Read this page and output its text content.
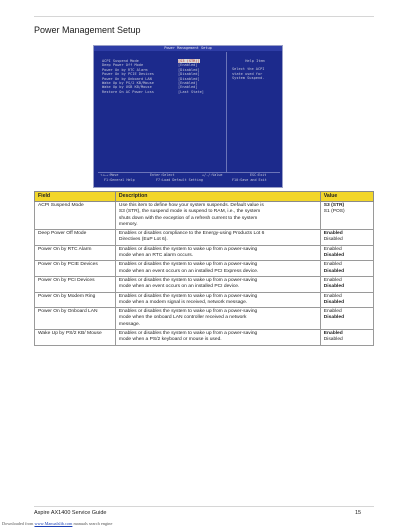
Power Management Setup
Power Management Setup
ACPI Suspend Mode	[S3 (STR)]
Deep Power Off Mode	[Enabled]
Power On by RTC Alarm	[Disabled]
Power On by PCIE Devices	[Disabled]
Power On by Onboard LAN	[Disabled]
Wake Up by PS/2 KB/Mouse	[Enabled]
Wake Up by USB KB/Mouse	[Enabled]
Restore On AC Power Loss	[Last State]
Help Item
Select the ACPI
state used for
System Suspend.
↑↓←→:Move	Enter:Select	+/-/:Value	ESC:Exit
F1:General Help	F7:Load Default Setting	F10:Save and Exit
Field	Description	Value
ACPI Suspend Mode	Use this item to define how your system suspends. Default value is
S3 (STR), the suspend mode is suspend to RAM, i.e., the system
shuts down with the exception of a refresh current to the system
memory.	S3 (STR)
S1 (POS)

Deep Power Off Mode	Enables or disables compliance to the Energy-using Products Lot 6
Directives (EuP Lot 6).	Enabled
Disabled

Power On by RTC Alarm	Enables or disables the system to wake up from a power-saving
mode when an RTC alarm occurs.	Enabled
Disabled

Power On by PCIE Devices	Enables or disables the system to wake up from a power-saving
mode when an event occurs on an installed PCI Express device.	Enabled
Disabled

Power On by PCI Devices	Enables or disables the system to wake up from a power-saving
mode when an event occurs on an installed PCI device.	Enabled
Disabled

Power On by Modem Ring	Enables or disables the system to wake up from a power-saving
mode when a modem signal is received, network message.	Enabled
Disabled

Power On by Onboard LAN	Enables or disables the system to wake up from a power-saving
mode when the onboard LAN controller received a network
message.	Enabled
Disabled

Wake Up by PS/2 KB/ Mouse	Enables or disables the system to wake up from a power-saving
mode when a PS/2 keyboard or mouse is used.	Enabled
Disabled
Aspire AX1400 Service Guide	15
Downloaded from www.Manualslib.com manuals search engine
